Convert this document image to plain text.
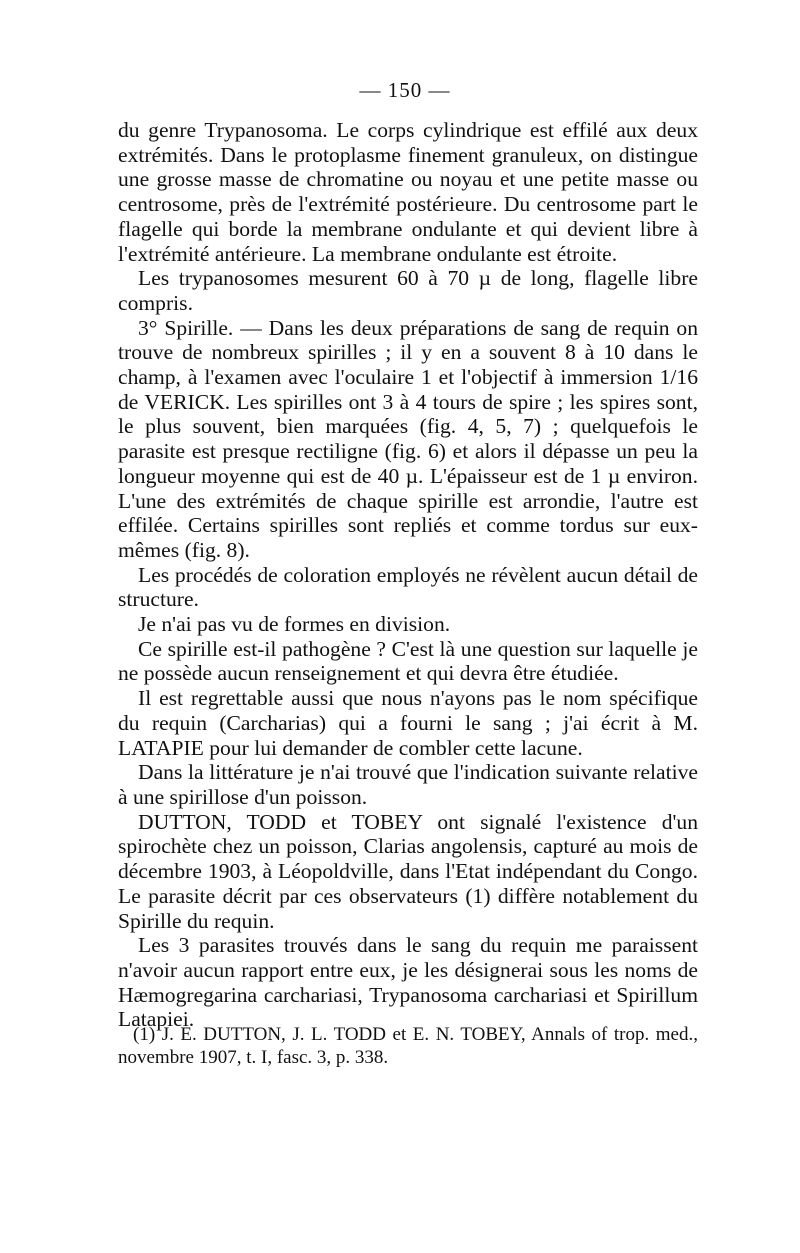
— 150 —

du genre Trypanosoma. Le corps cylindrique est effilé aux deux extrémités. Dans le protoplasme finement granuleux, on distingue une grosse masse de chromatine ou noyau et une petite masse ou centrosome, près de l'extrémité postérieure. Du centrosome part le flagelle qui borde la membrane ondulante et qui devient libre à l'extrémité antérieure. La membrane ondulante est étroite.

Les trypanosomes mesurent 60 à 70 µ de long, flagelle libre compris.

3° Spirille. — Dans les deux préparations de sang de requin on trouve de nombreux spirilles ; il y en a souvent 8 à 10 dans le champ, à l'examen avec l'oculaire 1 et l'objectif à immersion 1/16 de VERICK. Les spirilles ont 3 à 4 tours de spire ; les spires sont, le plus souvent, bien marquées (fig. 4, 5, 7) ; quelquefois le parasite est presque rectiligne (fig. 6) et alors il dépasse un peu la longueur moyenne qui est de 40 µ. L'épaisseur est de 1 µ environ. L'une des extrémités de chaque spirille est arrondie, l'autre est effilée. Certains spirilles sont repliés et comme tordus sur eux-mêmes (fig. 8).

Les procédés de coloration employés ne révèlent aucun détail de structure.

Je n'ai pas vu de formes en division.

Ce spirille est-il pathogène ? C'est là une question sur laquelle je ne possède aucun renseignement et qui devra être étudiée.

Il est regrettable aussi que nous n'ayons pas le nom spécifique du requin (Carcharias) qui a fourni le sang ; j'ai écrit à M. LATAPIE pour lui demander de combler cette lacune.

Dans la littérature je n'ai trouvé que l'indication suivante relative à une spirillose d'un poisson.

DUTTON, TODD et TOBEY ont signalé l'existence d'un spirochète chez un poisson, Clarias angolensis, capturé au mois de décembre 1903, à Léopoldville, dans l'Etat indépendant du Congo. Le parasite décrit par ces observateurs (1) diffère notablement du Spirille du requin.

Les 3 parasites trouvés dans le sang du requin me paraissent n'avoir aucun rapport entre eux, je les désignerai sous les noms de Hæmogregarina carchariasi, Trypanosoma carchariasi et Spirillum Latapiei.

(1) J. E. DUTTON, J. L. TODD et E. N. TOBEY, Annals of trop. med., novembre 1907, t. I, fasc. 3, p. 338.
